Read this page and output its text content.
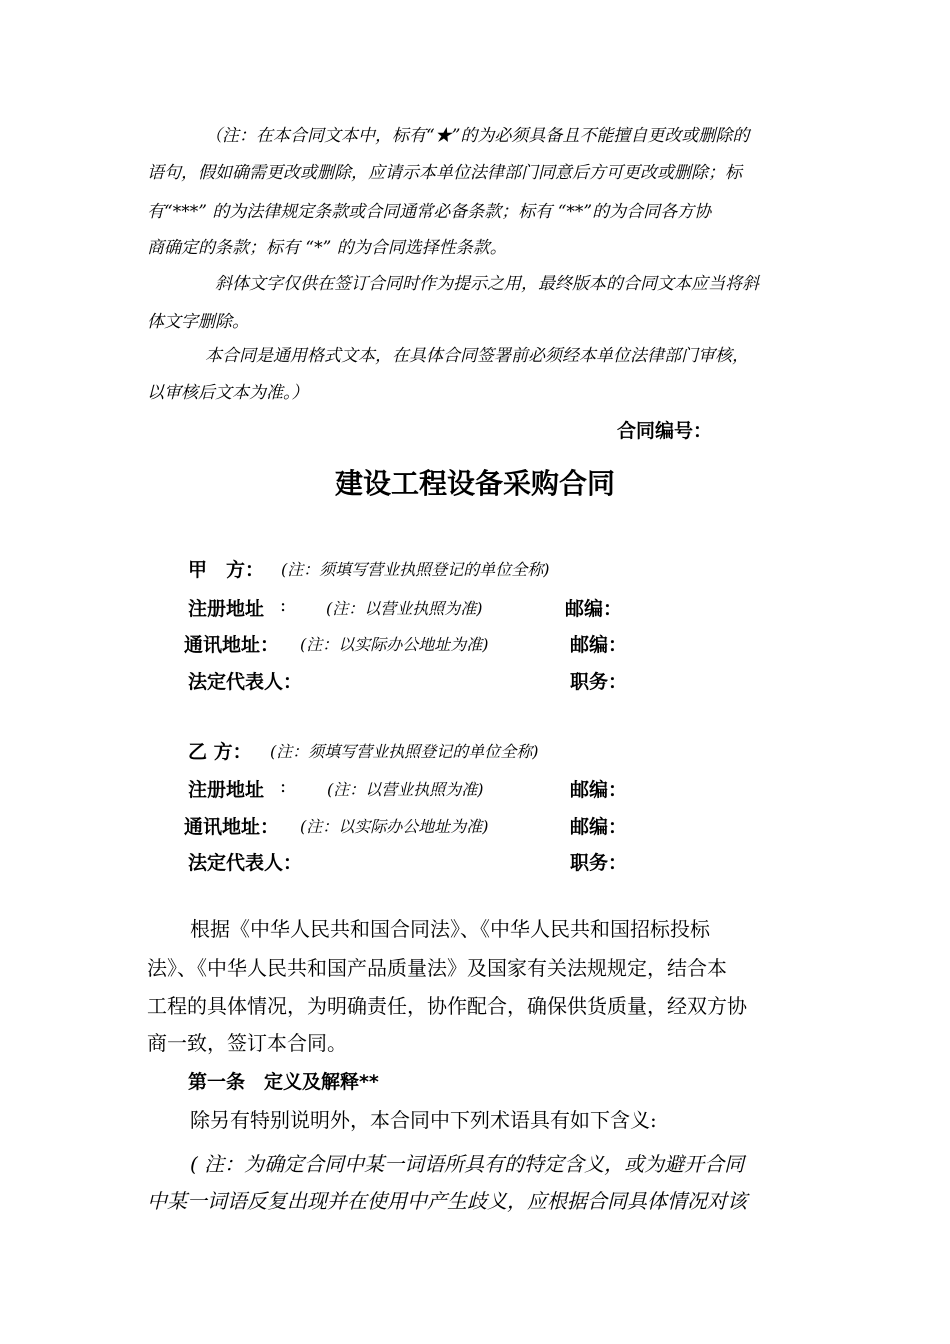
（注：在本合同文本中，标有“★”的为必须具备且不能擅自更改或删除的
语句，假如确需更改或删除，应请示本单位法律部门同意后方可更改或删除；标
有“***” 的为法律规定条款或合同通常必备条款；标有 “**”的为合同各方协
商确定的条款；标有 “*” 的为合同选择性条款。
斜体文字仅供在签订合同时作为提示之用，最终版本的合同文本应当将斜
体文字删除。
本合同是通用格式文本，在具体合同签署前必须经本单位法律部门审核，
以审核后文本为准。）
合同编号：
建设工程设备采购合同
甲　方： (注：须填写营业执照登记的单位全称)
注册地址 : (注：以营业执照为准)	邮编：
通讯地址： (注：以实际办公地址为准)	邮编：
法定代表人：	职务：
乙 方： (注：须填写营业执照登记的单位全称)
注册地址 :	(注：以营业执照为准)	邮编：
通讯地址： (注：以实际办公地址为准)	邮编：
法定代表人：	职务：
根据《中华人民共和国合同法》、《中华人民共和国招标投标
法》、《中华人民共和国产品质量法》及国家有关法规规定，结合本
工程的具体情况，为明确责任，协作配合，确保供货质量，经双方协
商一致，签订本合同。
第一条　定义及解释**
除另有特别说明外，本合同中下列术语具有如下含义:
( 注：为确定合同中某一词语所具有的特定含义，或为避开合同
中某一词语反复出现并在使用中产生歧义，应根据合同具体情况对该
